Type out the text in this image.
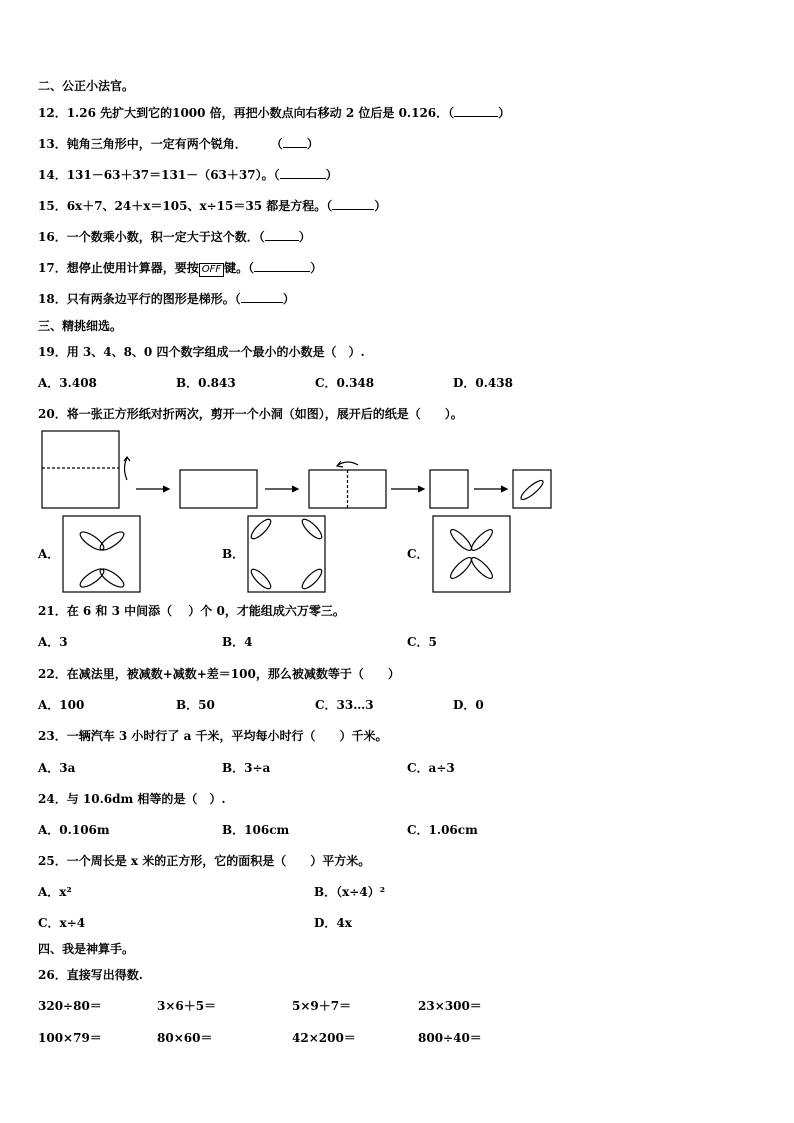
二、公正小法官。
12．1.26 先扩大到它的1000 倍，再把小数点向右移动 2 位后是 0.126．（	）
13．钝角三角形中，一定有两个锐角．　　　（ ）
14．131－63＋37＝131－（63＋37）。（	）
15．6x＋7、24＋x＝105、x÷15＝35 都是方程。（	）
16．一个数乘小数，积一定大于这个数．（	）
17．想停止使用计算器，要按 OFF 键。（	）
18．只有两条边平行的图形是梯形。（	）
三、精挑细选。
19．用 3、4、8、0 四个数字组成一个最小的小数是（　）.
A．3.408	B．0.843	C．0.348	D．0.438
20．将一张正方形纸对折两次，剪开一个小洞（如图），展开后的纸是（　　）。
A．	B．	C．
21．在 6 和 3 中间添（　 ）个 0，才能组成六万零三。
A．3	B．4	C．5
22．在减法里，被减数+减数+差＝100，那么被减数等于（　　）
A．100	B．50	C．33…3	D．0
23．一辆汽车 3 小时行了 a 千米，平均每小时行（　　）千米。
A．3a	B．3÷a	C．a÷3
24．与 10.6dm 相等的是（　）.
A．0.106m	B．106cm	C．1.06cm
25．一个周长是 x 米的正方形，它的面积是（　　）平方米。
A．x²	B．（x÷4）²
C．x÷4	D．4x
四、我是神算手。
26．直接写出得数.
320÷80＝	3×6＋5＝	5×9＋7＝	23×300＝
100×79＝	80×60＝	42×200＝	800÷40＝
